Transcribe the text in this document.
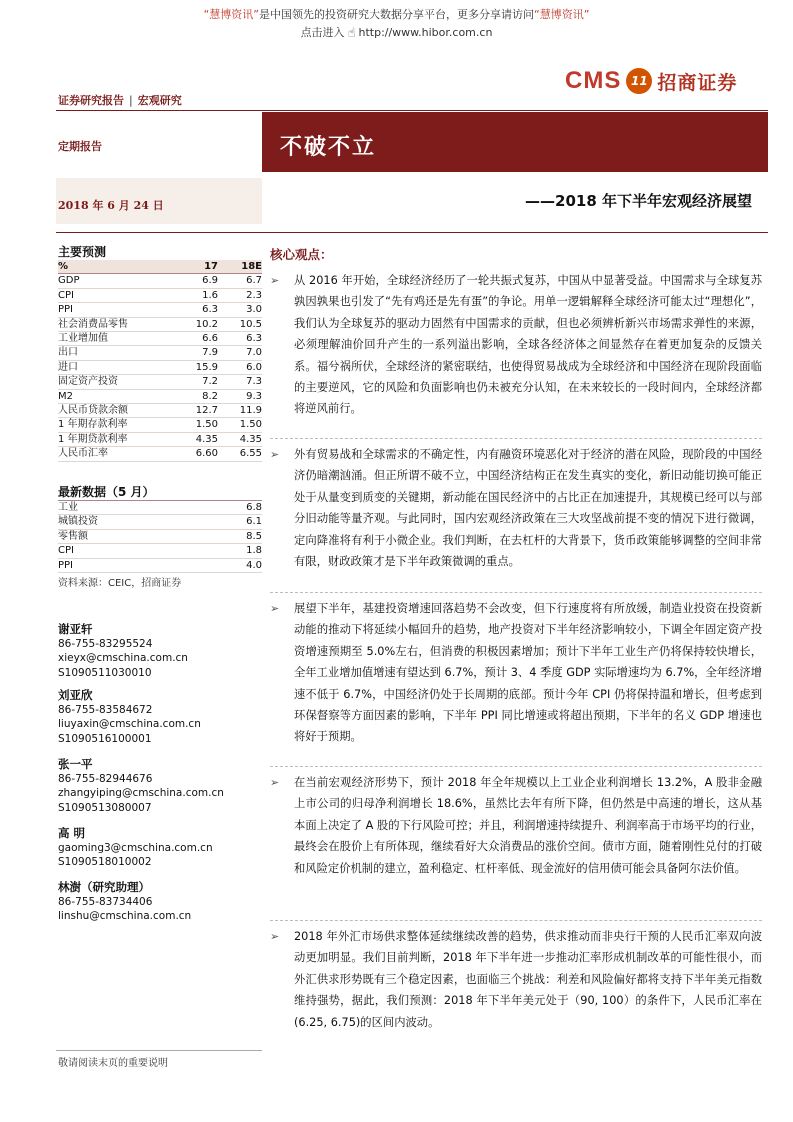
“慧博资讯”是中国领先的投资研究大数据分享平台，更多分享请访问“慧博资讯”
点击进入 ☝ http://www.hibor.com.cn
证券研究报告 | 宏观研究
CMS 11 招商证券
定期报告	不破不立
2018 年 6 月 24 日	——2018 年下半年宏观经济展望
主要预测
%	17	18E
GDP	6.9	6.7
CPI	1.6	2.3
PPI	6.3	3.0
社会消费品零售	10.2	10.5
工业增加值	6.6	6.3
出口	7.9	7.0
进口	15.9	6.0
固定资产投资	7.2	7.3
M2	8.2	9.3
人民币贷款余额	12.7	11.9
1 年期存款利率	1.50	1.50
1 年期贷款利率	4.35	4.35
人民币汇率	6.60	6.55
最新数据（5 月）
工业	6.8
城镇投资	6.1
零售额	8.5
CPI	1.8
PPI	4.0
资料来源：CEIC，招商证券
谢亚轩
86-755-83295524
xieyx@cmschina.com.cn
S1090511030010
刘亚欣
86-755-83584672
liuyaxin@cmschina.com.cn
S1090516100001
张一平
86-755-82944676
zhangyiping@cmschina.com.cn
S1090513080007
高 明
gaoming3@cmschina.com.cn
S1090518010002
林澍（研究助理）
86-755-83734406
linshu@cmschina.com.cn
敬请阅读末页的重要说明
核心观点：
➢	从 2016 年开始，全球经济经历了一轮共振式复苏，中国从中显著受益。中国需求与全球复苏孰因孰果也引发了“先有鸡还是先有蛋”的争论。用单一逻辑解释全球经济可能太过“理想化”，我们认为全球复苏的驱动力固然有中国需求的贡献，但也必须辨析新兴市场需求弹性的来源，必须理解油价回升产生的一系列溢出影响，全球各经济体之间显然存在着更加复杂的反馈关系。福兮祸所伏，全球经济的紧密联结，也使得贸易战成为全球经济和中国经济在现阶段面临的主要逆风，它的风险和负面影响也仍未被充分认知，在未来较长的一段时间内，全球经济都将逆风前行。
➢	外有贸易战和全球需求的不确定性，内有融资环境恶化对于经济的潜在风险，现阶段的中国经济仍暗潮汹涌。但正所谓不破不立，中国经济结构正在发生真实的变化，新旧动能切换可能正处于从量变到质变的关键期，新动能在国民经济中的占比正在加速提升，其规模已经可以与部分旧动能等量齐观。与此同时，国内宏观经济政策在三大攻坚战前提不变的情况下进行微调，定向降准将有利于小微企业。我们判断，在去杠杆的大背景下，货币政策能够调整的空间非常有限，财政政策才是下半年政策微调的重点。
➢	展望下半年，基建投资增速回落趋势不会改变，但下行速度将有所放缓，制造业投资在投资新动能的推动下将延续小幅回升的趋势，地产投资对下半年经济影响较小，下调全年固定资产投资增速预期至 5.0%左右，但消费的积极因素增加；预计下半年工业生产仍将保持较快增长，全年工业增加值增速有望达到 6.7%，预计 3、4 季度 GDP 实际增速均为 6.7%，全年经济增速不低于 6.7%，中国经济仍处于长周期的底部。预计今年 CPI 仍将保持温和增长，但考虑到环保督察等方面因素的影响，下半年 PPI 同比增速或将超出预期，下半年的名义 GDP 增速也将好于预期。
➢	在当前宏观经济形势下，预计 2018 年全年规模以上工业企业利润增长 13.2%，A 股非金融上市公司的归母净利润增长 18.6%，虽然比去年有所下降，但仍然是中高速的增长，这从基本面上决定了 A 股的下行风险可控；并且，利润增速持续提升、利润率高于市场平均的行业，最终会在股价上有所体现，继续看好大众消费品的涨价空间。债市方面，随着刚性兑付的打破和风险定价机制的建立，盈利稳定、杠杆率低、现金流好的信用债可能会具备阿尔法价值。
➢	2018 年外汇市场供求整体延续继续改善的趋势，供求推动而非央行干预的人民币汇率双向波动更加明显。我们目前判断，2018 年下半年进一步推动汇率形成机制改革的可能性很小，而外汇供求形势既有三个稳定因素，也面临三个挑战：利差和风险偏好都将支持下半年美元指数维持强势，据此，我们预测：2018 年下半年美元处于（90, 100）的条件下，人民币汇率在(6.25, 6.75)的区间内波动。
